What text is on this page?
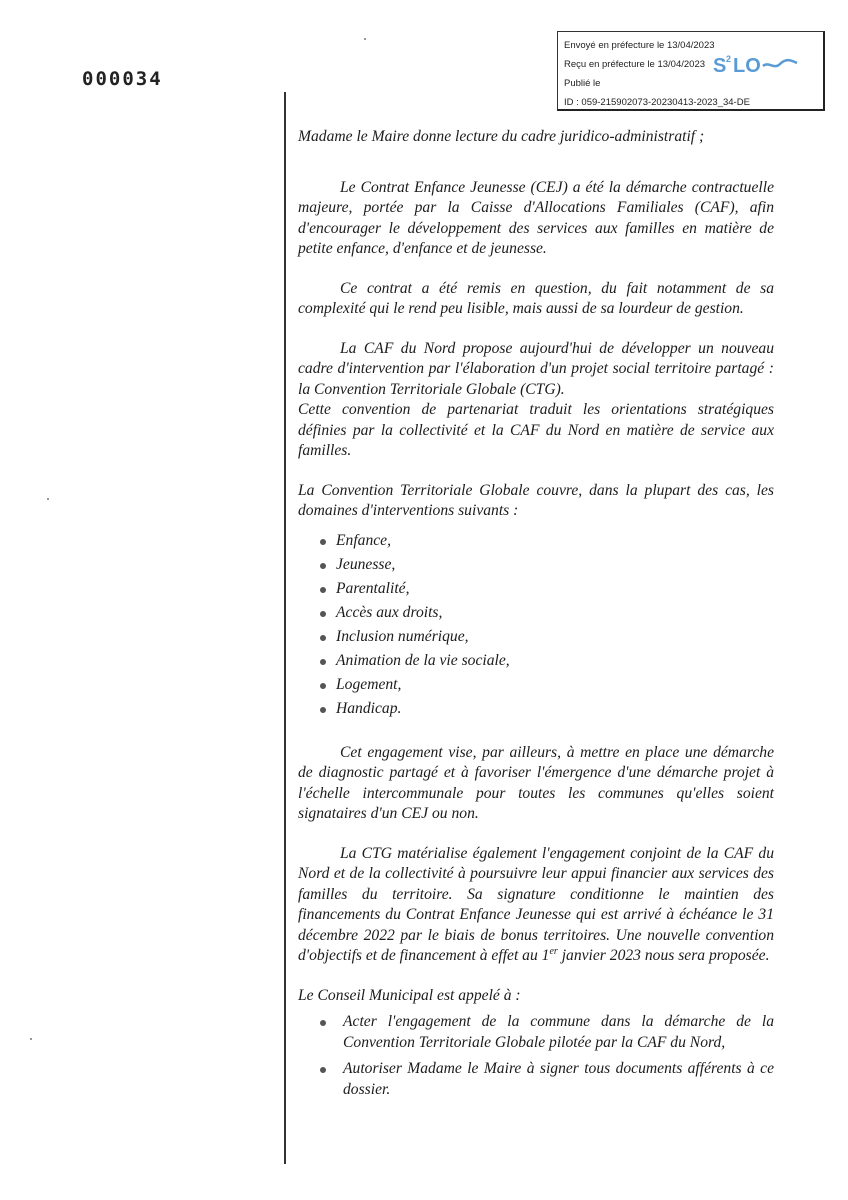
000034
Envoyé en préfecture le 13/04/2023
Reçu en préfecture le 13/04/2023
Publié le
ID : 059-215902073-20230413-2023_34-DE
S 2 LO

Madame le Maire donne lecture du cadre juridico-administratif ;

Le Contrat Enfance Jeunesse (CEJ) a été la démarche contractuelle majeure, portée par la Caisse d'Allocations Familiales (CAF), afin d'encourager le développement des services aux familles en matière de petite enfance, d'enfance et de jeunesse.

Ce contrat a été remis en question, du fait notamment de sa complexité qui le rend peu lisible, mais aussi de sa lourdeur de gestion.

La CAF du Nord propose aujourd'hui de développer un nouveau cadre d'intervention par l'élaboration d'un projet social territoire partagé : la Convention Territoriale Globale (CTG).

Cette convention de partenariat traduit les orientations stratégiques définies par la collectivité et la CAF du Nord en matière de service aux familles.

La Convention Territoriale Globale couvre, dans la plupart des cas, les domaines d'interventions suivants :

Enfance,
Jeunesse,
Parentalité,
Accès aux droits,
Inclusion numérique,
Animation de la vie sociale,
Logement,
Handicap.

Cet engagement vise, par ailleurs, à mettre en place une démarche de diagnostic partagé et à favoriser l'émergence d'une démarche projet à l'échelle intercommunale pour toutes les communes qu'elles soient signataires d'un CEJ ou non.

La CTG matérialise également l'engagement conjoint de la CAF du Nord et de la collectivité à poursuivre leur appui financier aux services des familles du territoire. Sa signature conditionne le maintien des financements du Contrat Enfance Jeunesse qui est arrivé à échéance le 31 décembre 2022 par le biais de bonus territoires. Une nouvelle convention d'objectifs et de financement à effet au 1er janvier 2023 nous sera proposée.

Le Conseil Municipal est appelé à :

Acter l'engagement de la commune dans la démarche de la Convention Territoriale Globale pilotée par la CAF du Nord,
Autoriser Madame le Maire à signer tous documents afférents à ce dossier.
